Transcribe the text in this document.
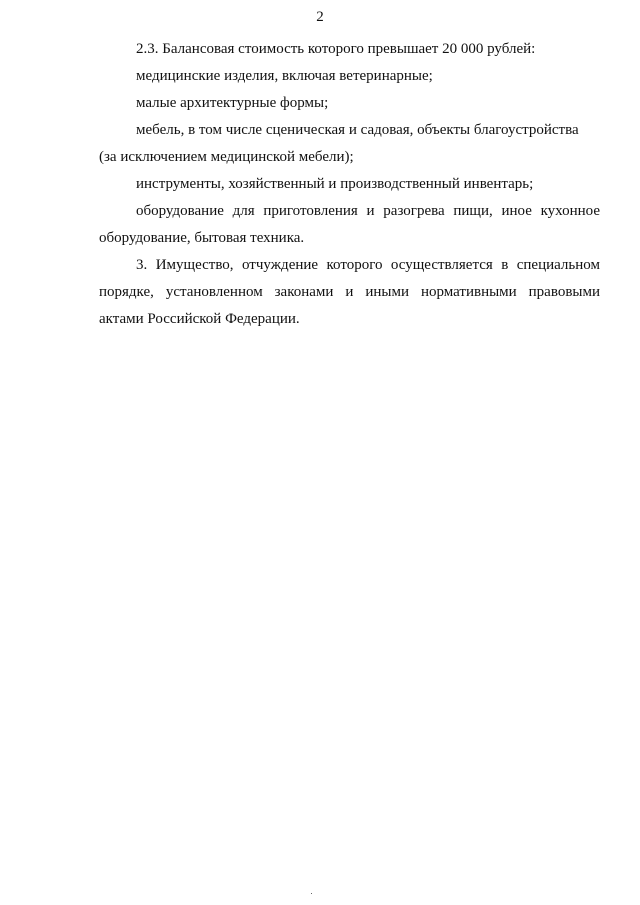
2
2.3. Балансовая стоимость которого превышает 20 000 рублей:
медицинские изделия, включая ветеринарные;
малые архитектурные формы;
мебель, в том числе сценическая и садовая, объекты благоустройства
(за исключением медицинской мебели);
инструменты, хозяйственный и производственный инвентарь;
оборудование для приготовления и разогрева пищи, иное кухонное
оборудование, бытовая техника.
3. Имущество, отчуждение которого осуществляется в специальном
порядке, установленном законами и иными нормативными правовыми
актами Российской Федерации.
